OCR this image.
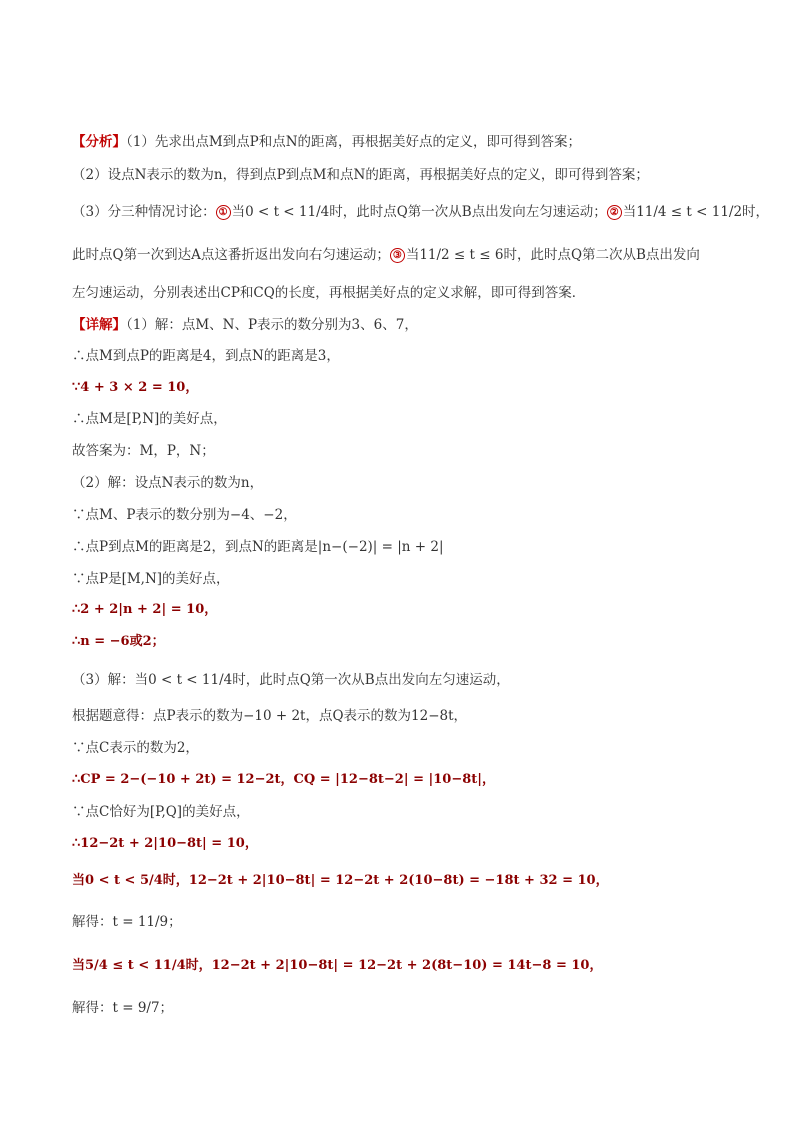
【分析】（1）先求出点M到点P和点N的距离，再根据美好点的定义，即可得到答案；
（2）设点N表示的数为n，得到点P到点M和点N的距离，再根据美好点的定义，即可得到答案；
（3）分三种情况讨论： ① 当0 < t < 11/4时，此时点Q第一次从B点出发向左匀速运动； ② 当11/4 ≤ t < 11/2时，
此时点Q第一次到达A点这番折返出发向右匀速运动； ③ 当11/2 ≤ t ≤ 6时，此时点Q第二次从B点出发向
左匀速运动，分别表述出CP和CQ的长度，再根据美好点的定义求解，即可得到答案．
【详解】（1）解：点M、N、P表示的数分别为3、6、7，
∴点M到点P的距离是4，到点N的距离是3，
∵4 + 3 × 2 = 10，
∴点M是[P,N]的美好点，
故答案为：M，P，N；
（2）解：设点N表示的数为n，
∵点M、P表示的数分别为−4、−2，
∴点P到点M的距离是2，到点N的距离是|n−(−2)| = |n + 2|
∵点P是[M,N]的美好点，
∴2 + 2|n + 2| = 10，
∴n = −6或2；
（3）解：当0 < t < 11/4时，此时点Q第一次从B点出发向左匀速运动，
根据题意得：点P表示的数为−10 + 2t，点Q表示的数为12−8t，
∵点C表示的数为2，
∴CP = 2−(−10 + 2t) = 12−2t，CQ = |12−8t−2| = |10−8t|，
∵点C恰好为[P,Q]的美好点，
∴12−2t + 2|10−8t| = 10，
当0 < t < 5/4时，12−2t + 2|10−8t| = 12−2t + 2(10−8t) = −18t + 32 = 10，
解得：t = 11/9；
当5/4 ≤ t < 11/4时，12−2t + 2|10−8t| = 12−2t + 2(8t−10) = 14t−8 = 10，
解得：t = 9/7；
